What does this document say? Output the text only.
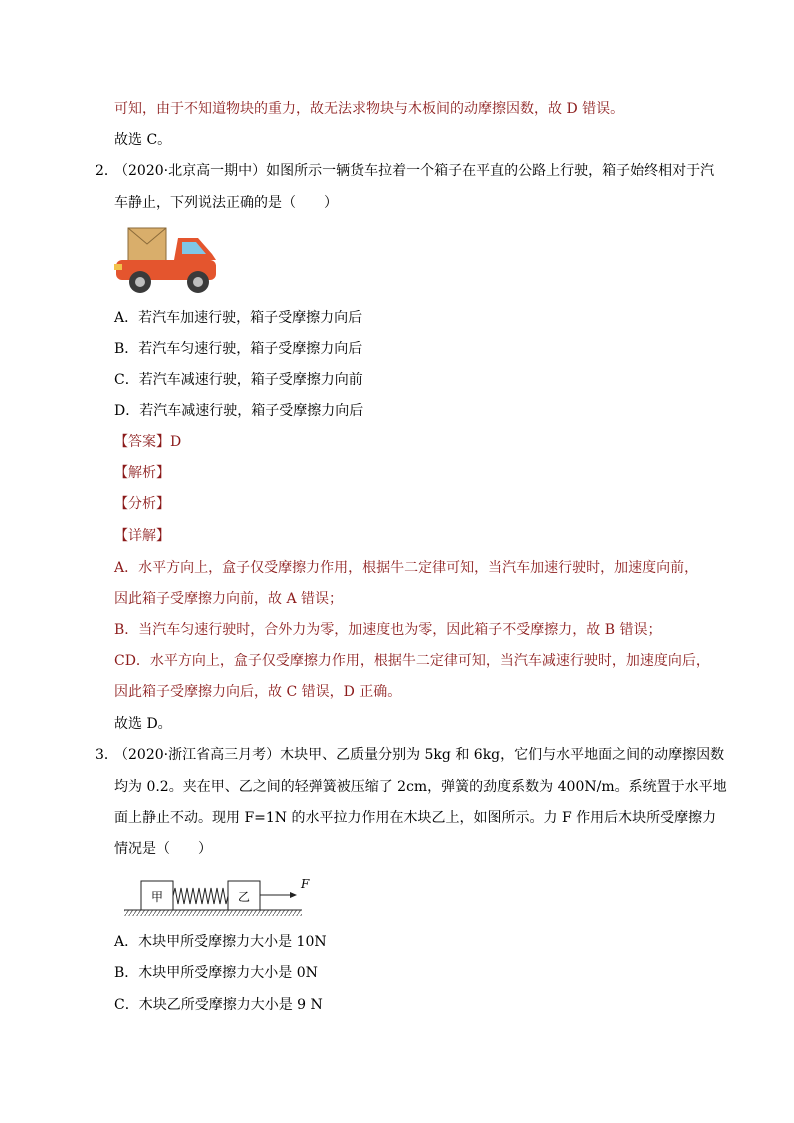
可知，由于不知道物块的重力，故无法求物块与木板间的动摩擦因数，故 D 错误。
故选 C。
2．
（2020·北京高一期中）如图所示一辆货车拉着一个箱子在平直的公路上行驶，箱子始终相对于汽
车静止，下列说法正确的是（　　）
A．若汽车加速行驶，箱子受摩擦力向后
B．若汽车匀速行驶，箱子受摩擦力向后
C．若汽车减速行驶，箱子受摩擦力向前
D．若汽车减速行驶，箱子受摩擦力向后
【答案】D
【解析】
【分析】
【详解】
A．水平方向上，盒子仅受摩擦力作用，根据牛二定律可知，当汽车加速行驶时，加速度向前，
因此箱子受摩擦力向前，故 A 错误；
B．当汽车匀速行驶时，合外力为零，加速度也为零，因此箱子不受摩擦力，故 B 错误；
CD．水平方向上，盒子仅受摩擦力作用，根据牛二定律可知，当汽车减速行驶时，加速度向后，
因此箱子受摩擦力向后，故 C 错误，D 正确。
故选 D。
3．
（2020·浙江省高三月考）木块甲、乙质量分别为 5kg 和 6kg，它们与水平地面之间的动摩擦因数
均为 0.2。夹在甲、乙之间的轻弹簧被压缩了 2cm，弹簧的劲度系数为 400N/m。系统置于水平地
面上静止不动。现用 F=1N 的水平拉力作用在木块乙上，如图所示。力 F 作用后木块所受摩擦力
情况是（　　）
甲	乙
F
A．木块甲所受摩擦力大小是 10N
B．木块甲所受摩擦力大小是 0N
C．木块乙所受摩擦力大小是 9 N
